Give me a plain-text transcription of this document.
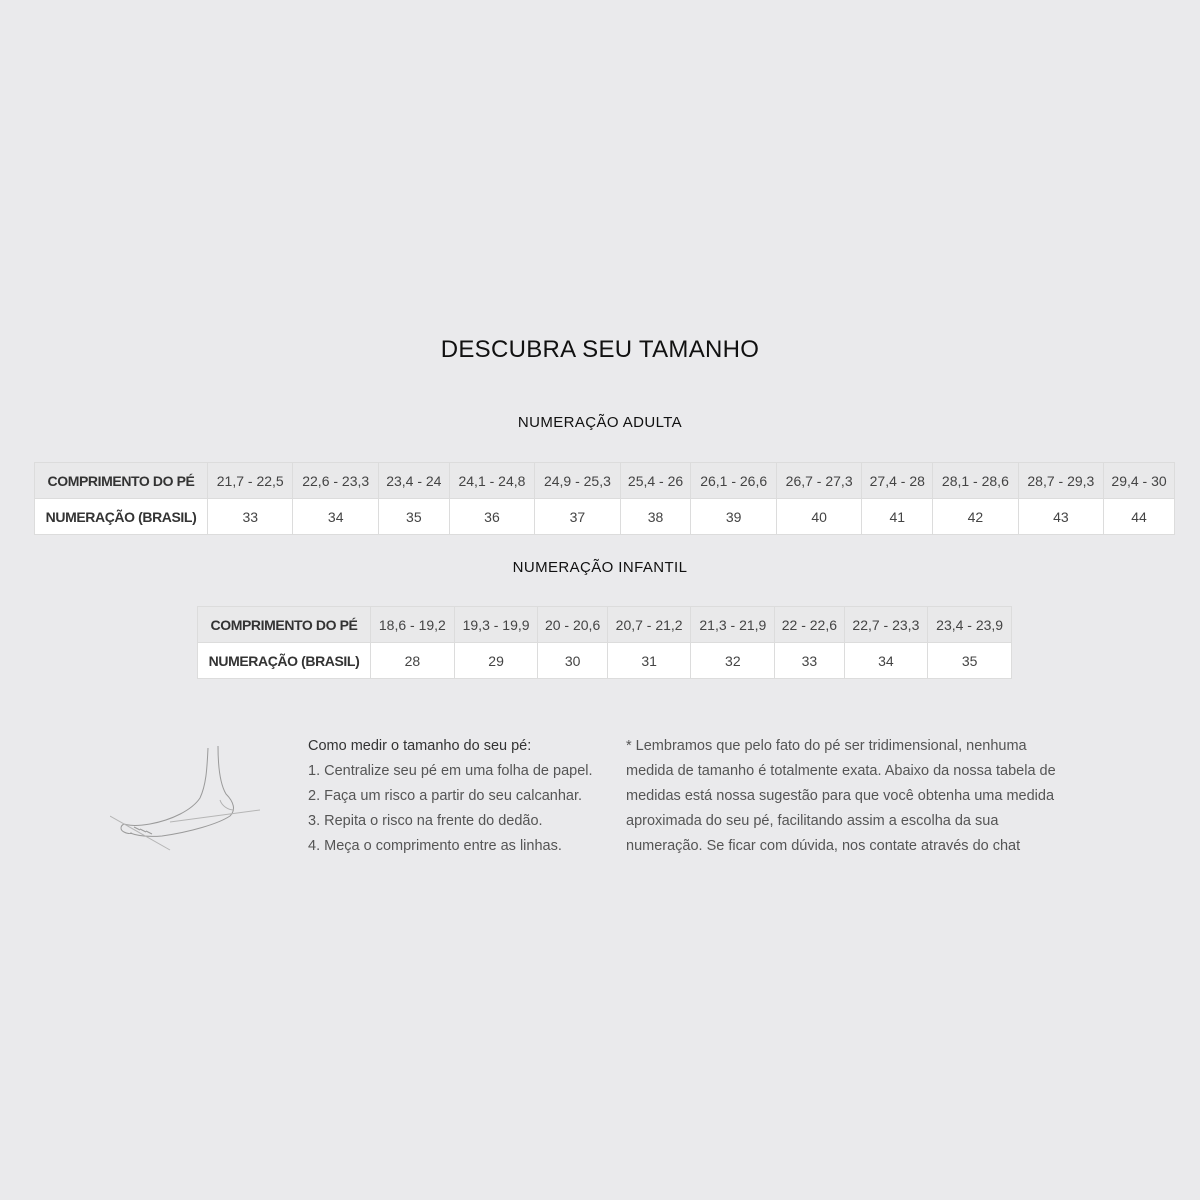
DESCUBRA SEU TAMANHO
NUMERAÇÃO ADULTA
COMPRIMENTO DO PÉ	21,7 - 22,5	22,6 - 23,3	23,4 - 24	24,1 - 24,8	24,9 - 25,3	25,4 - 26	26,1 - 26,6	26,7 - 27,3	27,4 - 28	28,1 - 28,6	28,7 - 29,3	29,4 - 30
NUMERAÇÃO (BRASIL)	33	34	35	36	37	38	39	40	41	42	43	44
NUMERAÇÃO INFANTIL
COMPRIMENTO DO PÉ	18,6 - 19,2	19,3 - 19,9	20 - 20,6	20,7 - 21,2	21,3 - 21,9	22 - 22,6	22,7 - 23,3	23,4 - 23,9
NUMERAÇÃO (BRASIL)	28	29	30	31	32	33	34	35
Como medir o tamanho do seu pé:
1. Centralize seu pé em uma folha de papel.
2. Faça um risco a partir do seu calcanhar.
3. Repita o risco na frente do dedão.
4. Meça o comprimento entre as linhas.

* Lembramos que pelo fato do pé ser tridimensional, nenhuma

medida de tamanho é totalmente exata. Abaixo da nossa tabela de

medidas está nossa sugestão para que você obtenha uma medida

aproximada do seu pé, facilitando assim a escolha da sua

numeração. Se ficar com dúvida, nos contate através do chat
